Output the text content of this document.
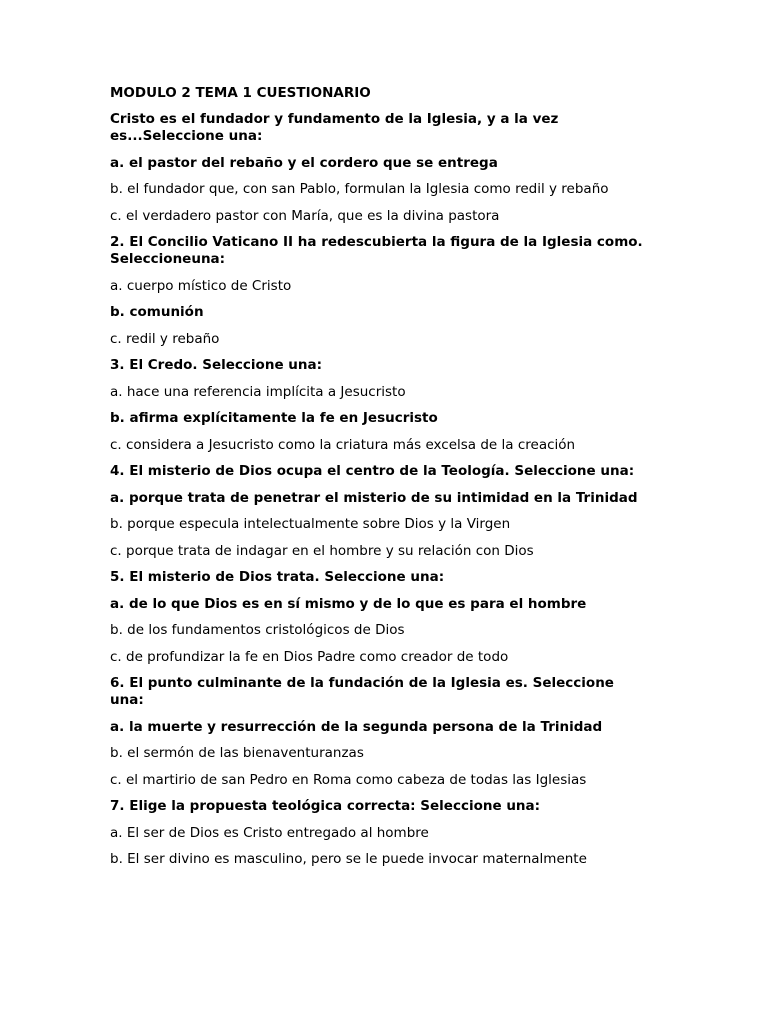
MODULO 2 TEMA 1 CUESTIONARIO
Cristo es el fundador y fundamento de la Iglesia, y a la vez es...Seleccione una:
a. el pastor del rebaño y el cordero que se entrega
b. el fundador que, con san Pablo, formulan la Iglesia como redil y rebaño
c. el verdadero pastor con María, que es la divina pastora
2. El Concilio Vaticano II ha redescubierta la figura de la Iglesia como. Seleccioneuna:
a. cuerpo místico de Cristo
b. comunión
c. redil y rebaño
3. El Credo. Seleccione una:
a. hace una referencia implícita a Jesucristo
b. afirma explícitamente la fe en Jesucristo
c. considera a Jesucristo como la criatura más excelsa de la creación
4. El misterio de Dios ocupa el centro de la Teología. Seleccione una:
a. porque trata de penetrar el misterio de su intimidad en la Trinidad
b. porque especula intelectualmente sobre Dios y la Virgen
c. porque trata de indagar en el hombre y su relación con Dios
5. El misterio de Dios trata. Seleccione una:
a. de lo que Dios es en sí mismo y de lo que es para el hombre
b. de los fundamentos cristológicos de Dios
c. de profundizar la fe en Dios Padre como creador de todo
6. El punto culminante de la fundación de la Iglesia es. Seleccione una:
a. la muerte y resurrección de la segunda persona de la Trinidad
b. el sermón de las bienaventuranzas
c. el martirio de san Pedro en Roma como cabeza de todas las Iglesias
7. Elige la propuesta teológica correcta: Seleccione una:
a. El ser de Dios es Cristo entregado al hombre
b. El ser divino es masculino, pero se le puede invocar maternalmente
